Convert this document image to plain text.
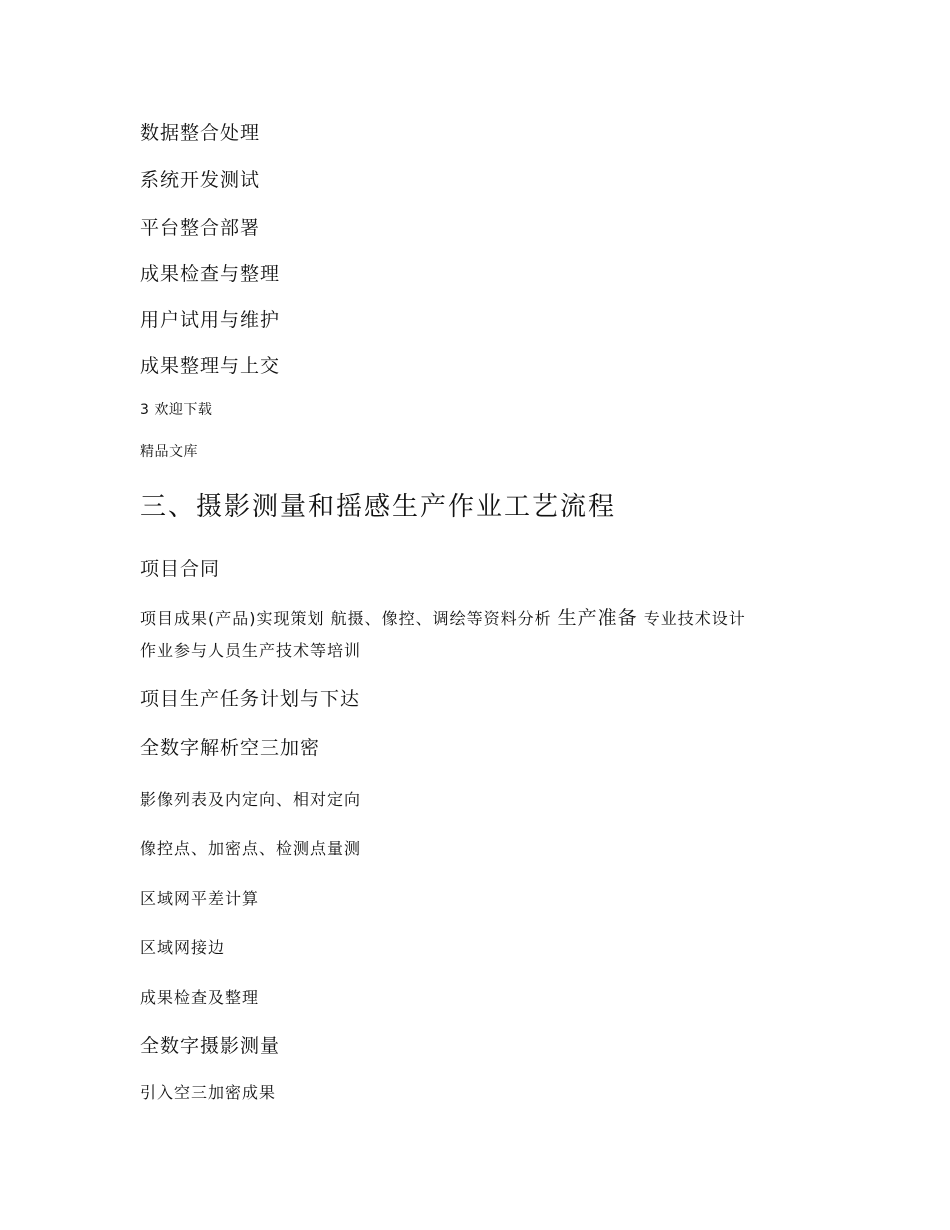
数据整合处理
系统开发测试
平台整合部署
成果检查与整理
用户试用与维护
成果整理与上交
3 欢迎下载
精品文库
三、摄影测量和摇感生产作业工艺流程
项目合同
项目成果(产品)实现策划 航摄、像控、调绘等资料分析 生产准备 专业技术设计
作业参与人员生产技术等培训
项目生产任务计划与下达
全数字解析空三加密
影像列表及内定向、相对定向
像控点、加密点、检测点量测
区域网平差计算
区域网接边
成果检查及整理
全数字摄影测量
引入空三加密成果
